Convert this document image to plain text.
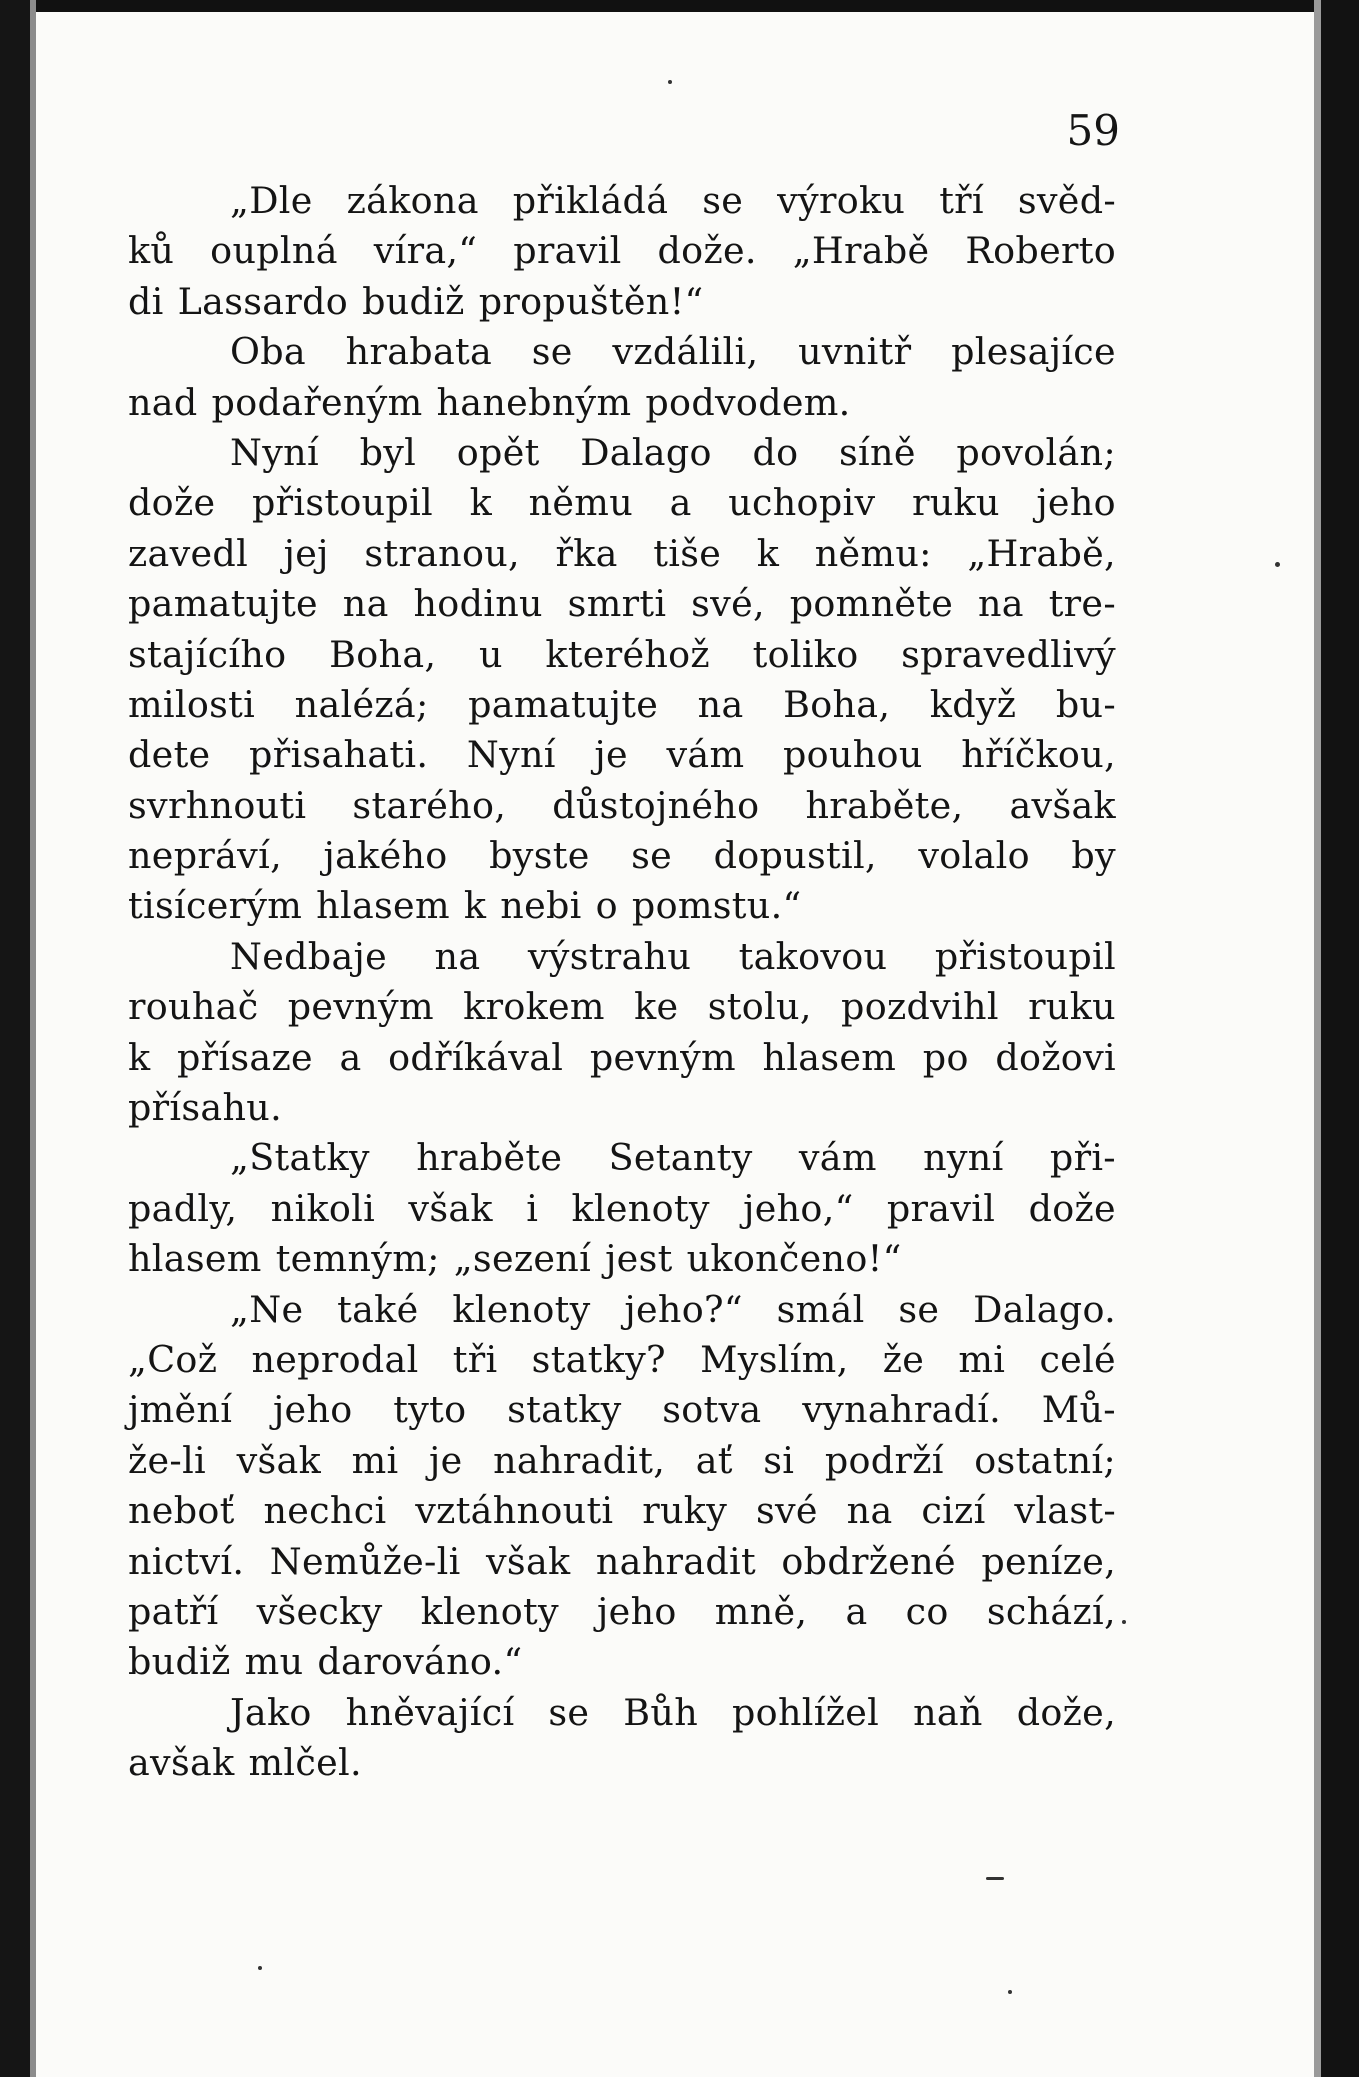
59
„Dle zákona přikládá se výroku tří svěd-
ků ouplná víra,“ pravil dože. „Hrabě Roberto
di Lassardo budiž propuštěn!“
Oba hrabata se vzdálili, uvnitř plesajíce
nad podařeným hanebným podvodem.
Nyní byl opět Dalago do síně povolán;
dože přistoupil k němu a uchopiv ruku jeho
zavedl jej stranou, řka tiše k němu: „Hrabě,
pamatujte na hodinu smrti své, pomněte na tre-
stajícího Boha, u kteréhož toliko spravedlivý
milosti nalézá; pamatujte na Boha, když bu-
dete přisahati. Nyní je vám pouhou hříčkou,
svrhnouti starého, důstojného hraběte, avšak
nepráví, jakého byste se dopustil, volalo by
tisícerým hlasem k nebi o pomstu.“
Nedbaje na výstrahu takovou přistoupil
rouhač pevným krokem ke stolu, pozdvihl ruku
k přísaze a odříkával pevným hlasem po dožovi
přísahu.
„Statky hraběte Setanty vám nyní při-
padly, nikoli však i klenoty jeho,“ pravil dože
hlasem temným; „sezení jest ukončeno!“
„Ne také klenoty jeho?“ smál se Dalago.
„Což neprodal tři statky? Myslím, že mi celé
jmění jeho tyto statky sotva vynahradí. Mů-
že-li však mi je nahradit, ať si podrží ostatní;
neboť nechci vztáhnouti ruky své na cizí vlast-
nictví. Nemůže-li však nahradit obdržené peníze,
patří všecky klenoty jeho mně, a co schází,
budiž mu darováno.“
Jako hněvající se Bůh pohlížel naň dože,
avšak mlčel.
